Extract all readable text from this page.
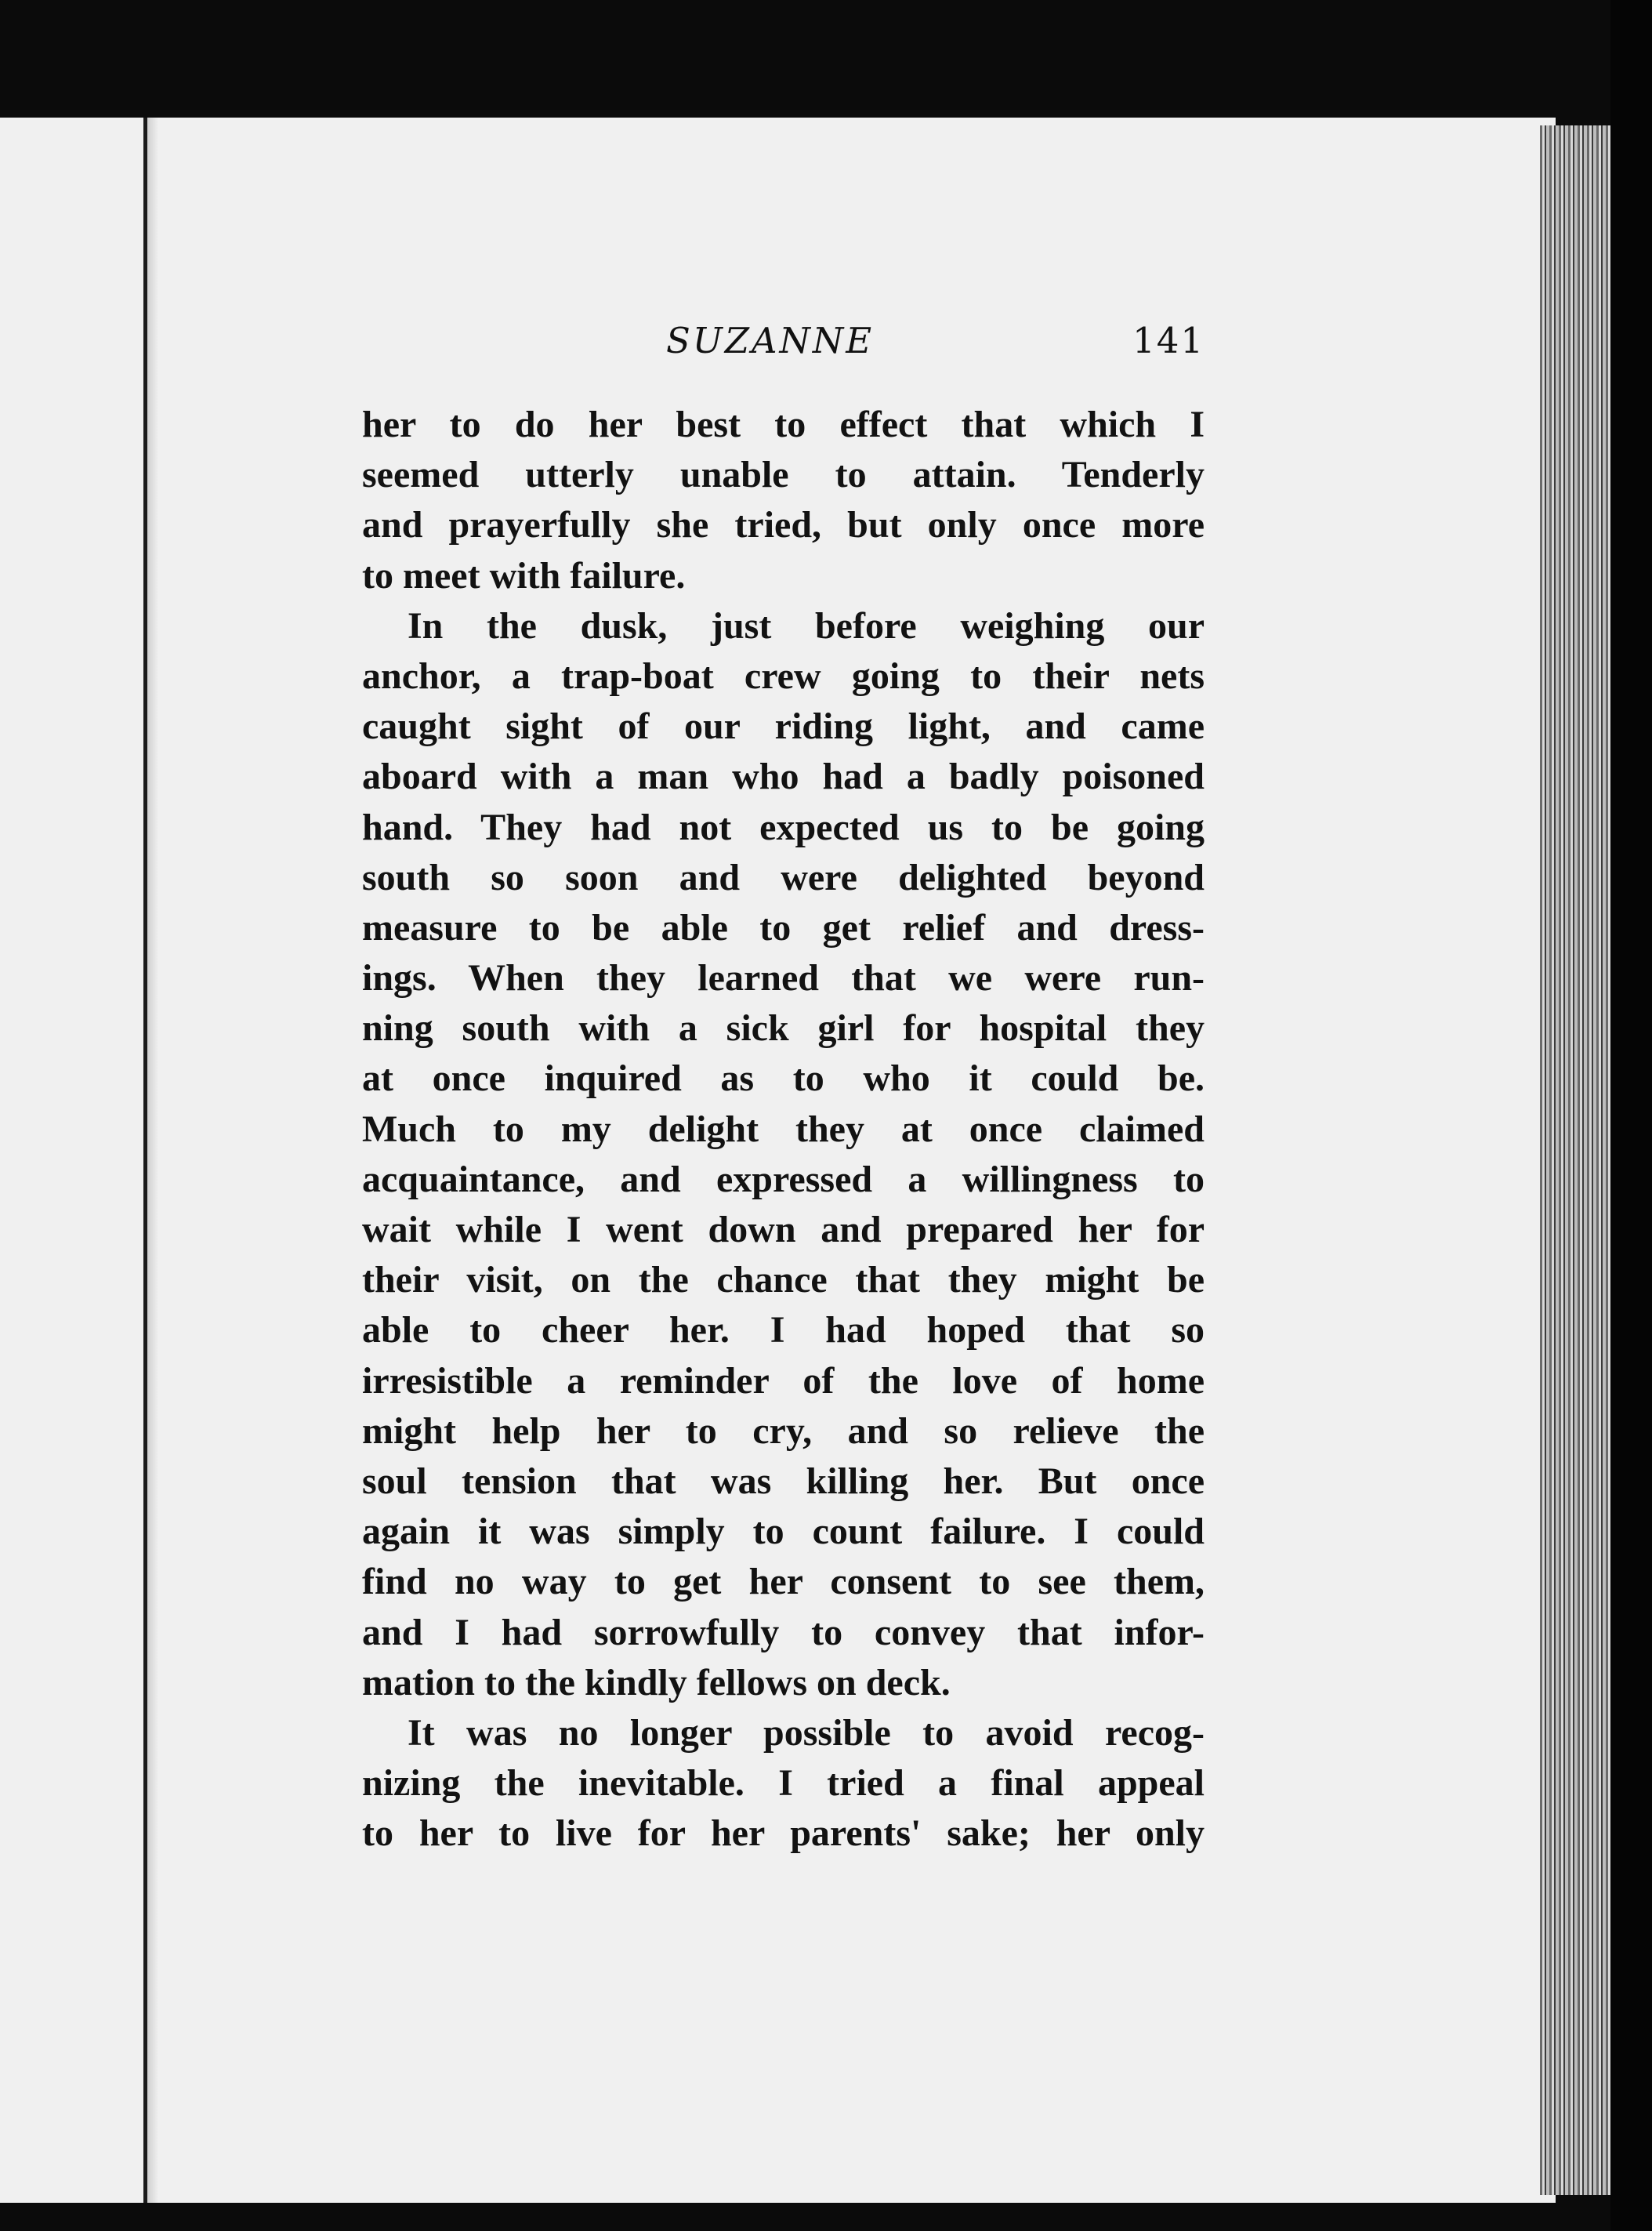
SUZANNE	141
her to do her best to effect that which I
seemed utterly unable to attain. Tenderly
and prayerfully she tried, but only once more
to meet with failure.
In the dusk, just before weighing our
anchor, a trap-boat crew going to their nets
caught sight of our riding light, and came
aboard with a man who had a badly poisoned
hand. They had not expected us to be going
south so soon and were delighted beyond
measure to be able to get relief and dress-
ings. When they learned that we were run-
ning south with a sick girl for hospital they
at once inquired as to who it could be.
Much to my delight they at once claimed
acquaintance, and expressed a willingness to
wait while I went down and prepared her for
their visit, on the chance that they might be
able to cheer her. I had hoped that so
irresistible a reminder of the love of home
might help her to cry, and so relieve the
soul tension that was killing her. But once
again it was simply to count failure. I could
find no way to get her consent to see them,
and I had sorrowfully to convey that infor-
mation to the kindly fellows on deck.
It was no longer possible to avoid recog-
nizing the inevitable. I tried a final appeal
to her to live for her parents' sake; her only
